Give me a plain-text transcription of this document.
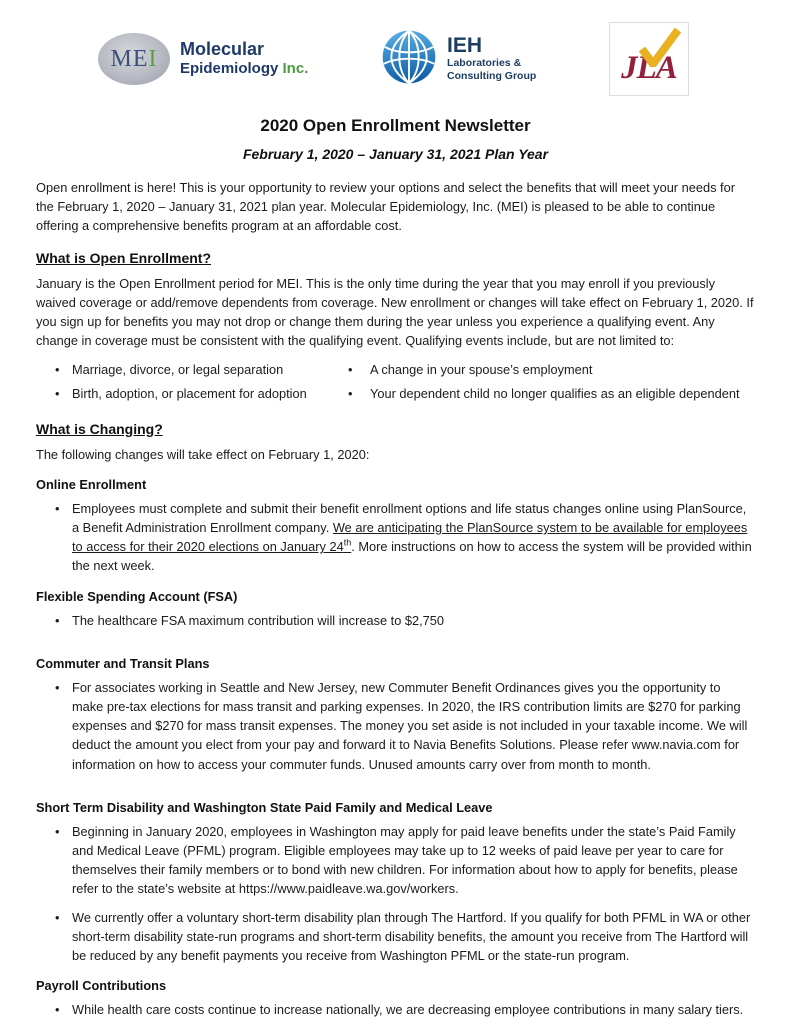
ME I Molecular
Epidemiology Inc.
IEH
Laboratories &
Consulting Group	JLA
2020 Open Enrollment Newsletter
February 1, 2020 – January 31, 2021 Plan Year

Open enrollment is here! This is your opportunity to review your options and select the benefits that will meet your needs for the February 1, 2020 – January 31, 2021 plan year. Molecular Epidemiology, Inc. (MEI) is pleased to be able to continue offering a comprehensive benefits program at an affordable cost.

What is Open Enrollment?

January is the Open Enrollment period for MEI. This is the only time during the year that you may enroll if you previously waived coverage or add/remove dependents from coverage. New enrollment or changes will take effect on February 1, 2020. If you sign up for benefits you may not drop or change them during the year unless you experience a qualifying event. Any change in coverage must be consistent with the qualifying event. Qualifying events include, but are not limited to:

• Marriage, divorce, or legal separation
• Birth, adoption, or placement for adoption
•	A change in your spouse’s employment
•	Your dependent child no longer qualifies as an eligible dependent
What is Changing?

The following changes will take effect on February 1, 2020:

Online Enrollment
• Employees must complete and submit their benefit enrollment options and life status changes online using PlanSource, a Benefit Administration Enrollment company. We are anticipating the PlanSource system to be available for employees to access for their 2020 elections on January 24th. More instructions on how to access the system will be provided within the next week.
Flexible Spending Account (FSA)
• The healthcare FSA maximum contribution will increase to $2,750
Commuter and Transit Plans
• For associates working in Seattle and New Jersey, new Commuter Benefit Ordinances gives you the opportunity to make pre-tax elections for mass transit and parking expenses. In 2020, the IRS contribution limits are $270 for parking expenses and $270 for mass transit expenses. The money you set aside is not included in your taxable income. We will deduct the amount you elect from your pay and forward it to Navia Benefits Solutions. Please refer www.navia.com for information on how to access your commuter funds. Unused amounts carry over from month to month.
Short Term Disability and Washington State Paid Family and Medical Leave
• Beginning in January 2020, employees in Washington may apply for paid leave benefits under the state’s Paid Family and Medical Leave (PFML) program. Eligible employees may take up to 12 weeks of paid leave per year to care for themselves their family members or to bond with new children. For information about how to apply for benefits, please refer to the state’s website at https://www.paidleave.wa.gov/workers.
• We currently offer a voluntary short-term disability plan through The Hartford. If you qualify for both PFML in WA or other short-term disability state-run programs and short-term disability benefits, the amount you receive from The Hartford will be reduced by any benefit payments you receive from Washington PFML or the state-run program.
Payroll Contributions
• While health care costs continue to increase nationally, we are decreasing employee contributions in many salary tiers.
